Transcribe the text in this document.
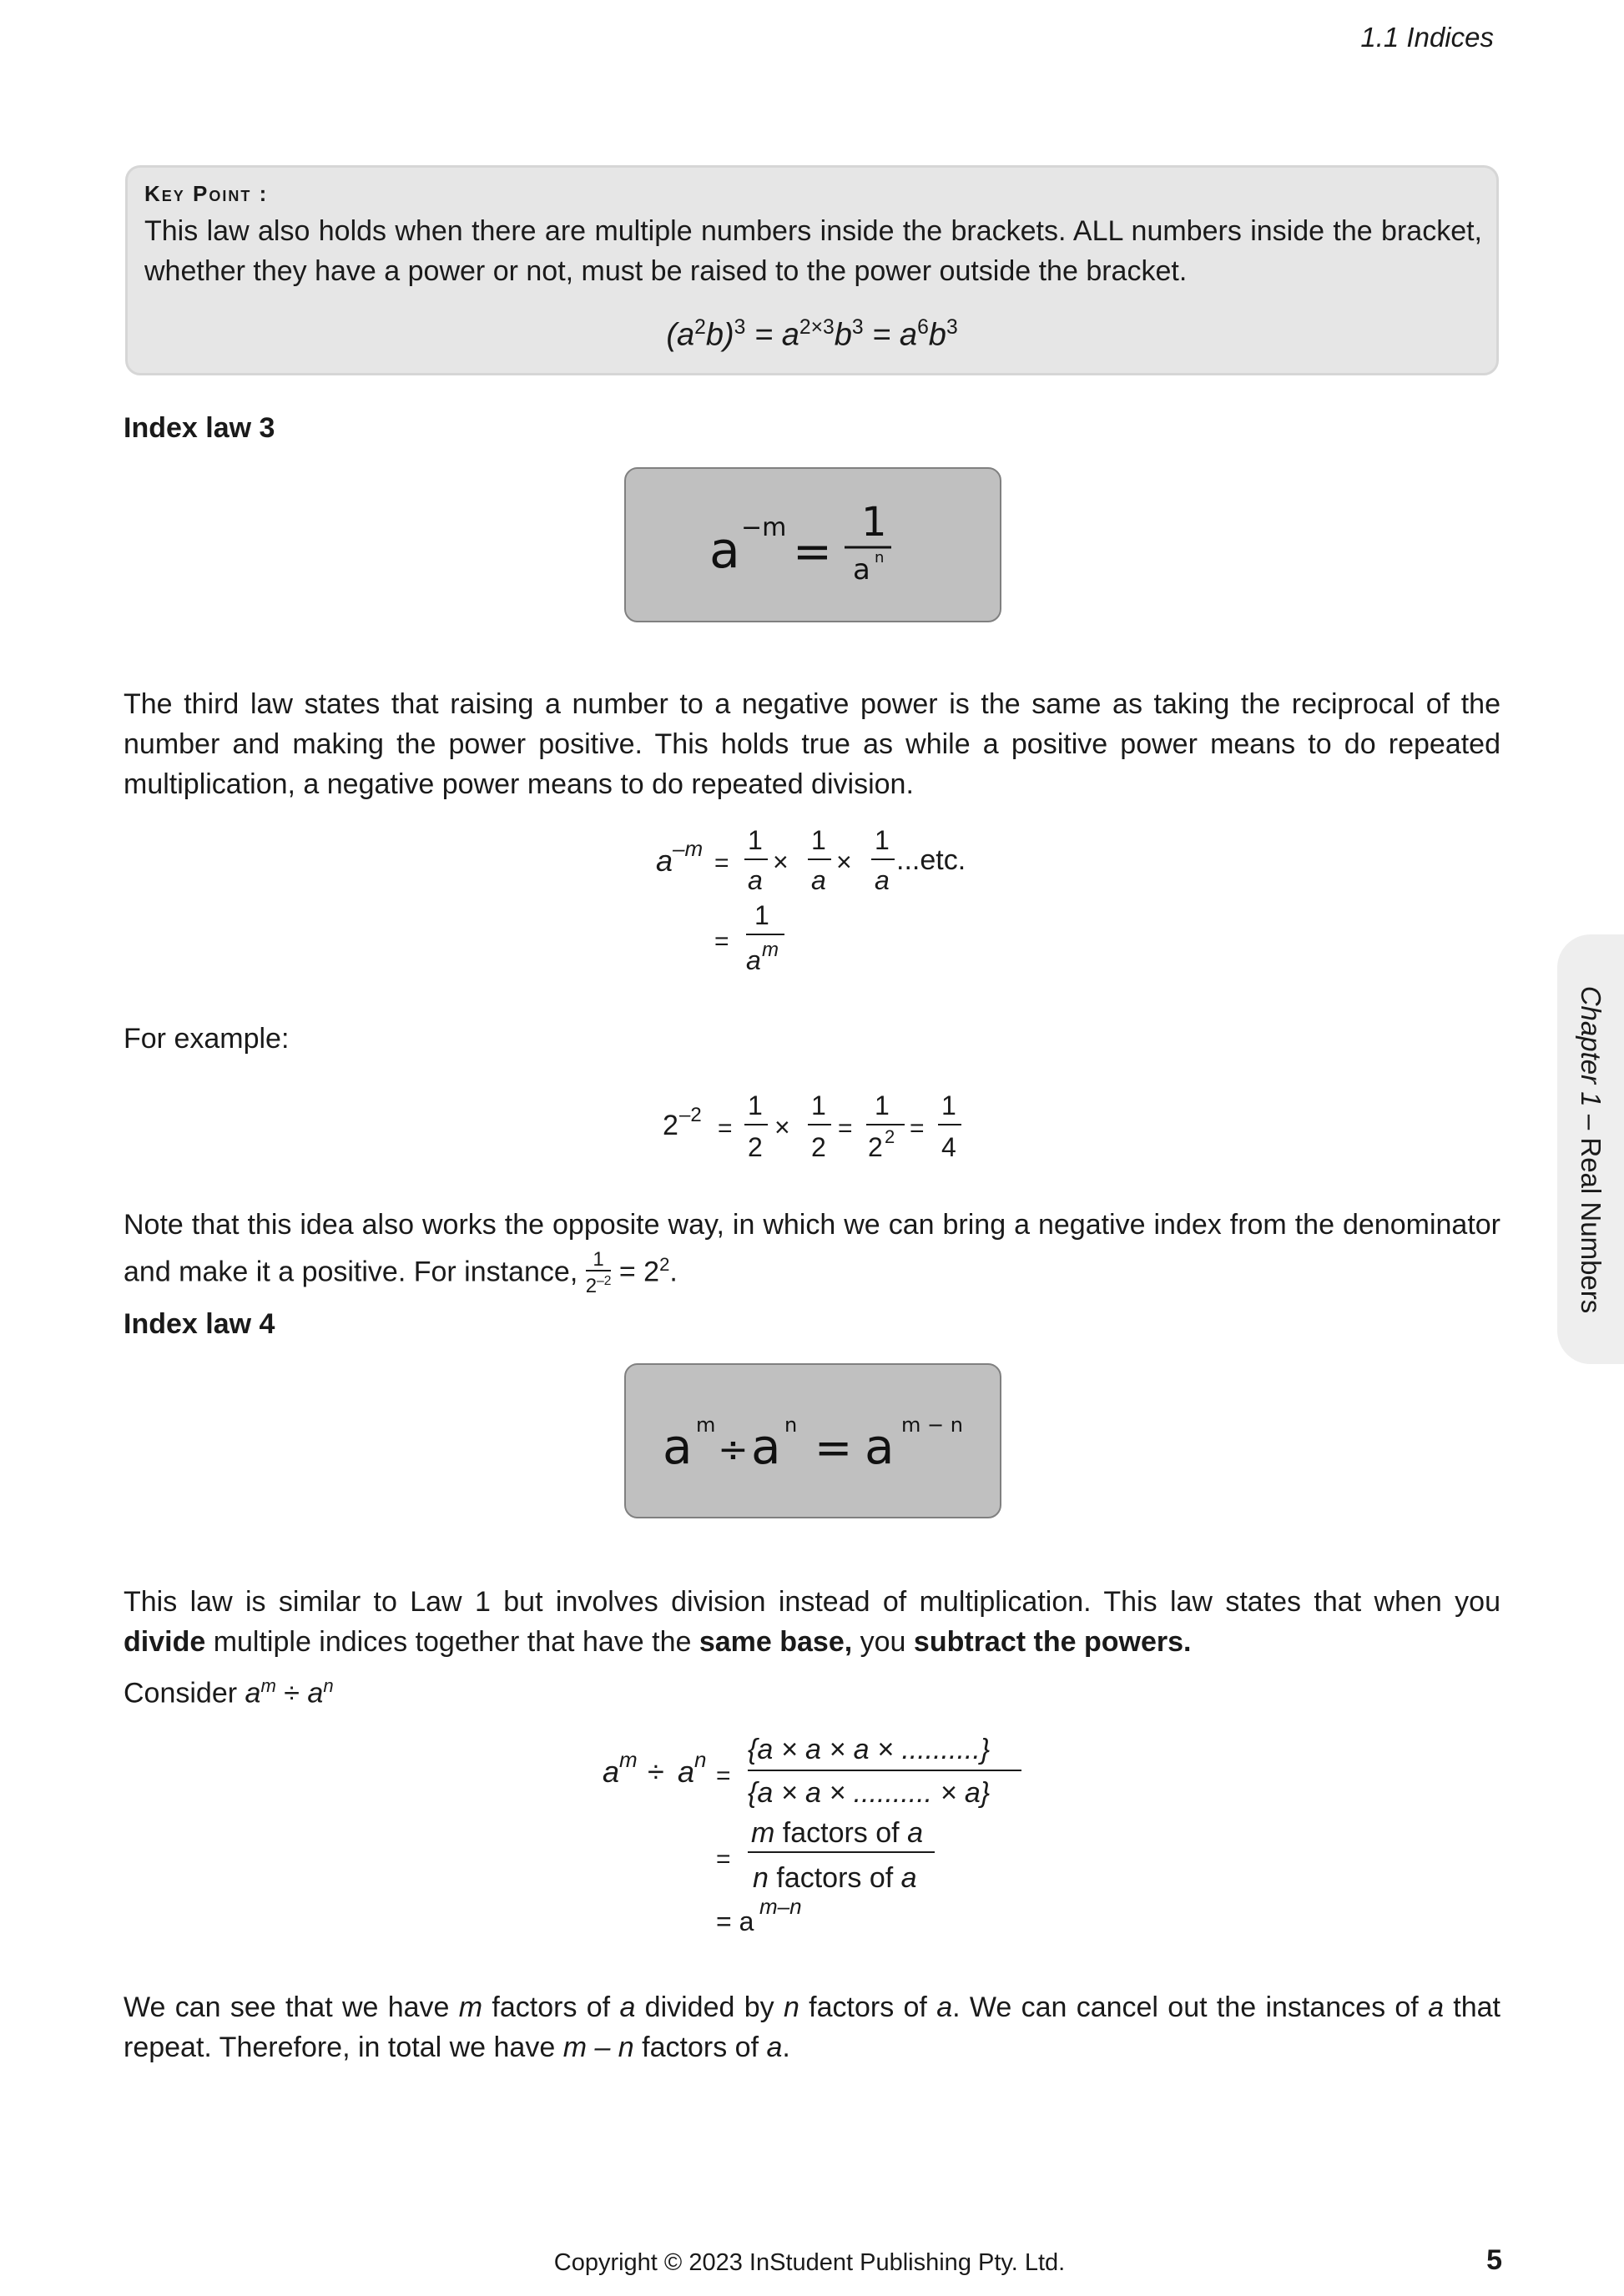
1.1 Indices
Key Point :
This law also holds when there are multiple numbers inside the brackets. ALL numbers inside the bracket, whether they have a power or not, must be raised to the power outside the bracket.
$(a^2b)^3 = a^{2\times 3}b^3 = a^6b^3$
Index law 3
a −m =
1
a n
The third law states that raising a number to a negative power is the same as taking the reciprocal of the number and making the power positive. This holds true as while a positive power means to do repeated multiplication, a negative power means to do repeated division.
a –m
=
1
a
×
1
a
×
1
a
...etc.
=
1
a m
For example:
2 –2 =
1
2
×
1
2
=
1
2 2 =
1
4
Note that this idea also works the opposite way, in which we can bring a negative index from the denominator and make it a positive. For instance, $\frac{1}{2^{-2}} = 2^2$.
Index law 4
a m
÷ a n = a m − n
This law is similar to Law 1 but involves division instead of multiplication. This law states that when you divide multiple indices together that have the same base, you subtract the powers.
Consider $a^m \div a^n$
a m ÷ a n
=
{a × a × a × ..........}
{a × a × .......... × a}
=
m factors of a
n factors of a
= a m–n
We can see that we have m factors of a divided by n factors of a. We can cancel out the instances of a that repeat. Therefore, in total we have m – n factors of a.
Chapter 1 – Real Numbers
Copyright © 2023 InStudent Publishing Pty. Ltd.	5
